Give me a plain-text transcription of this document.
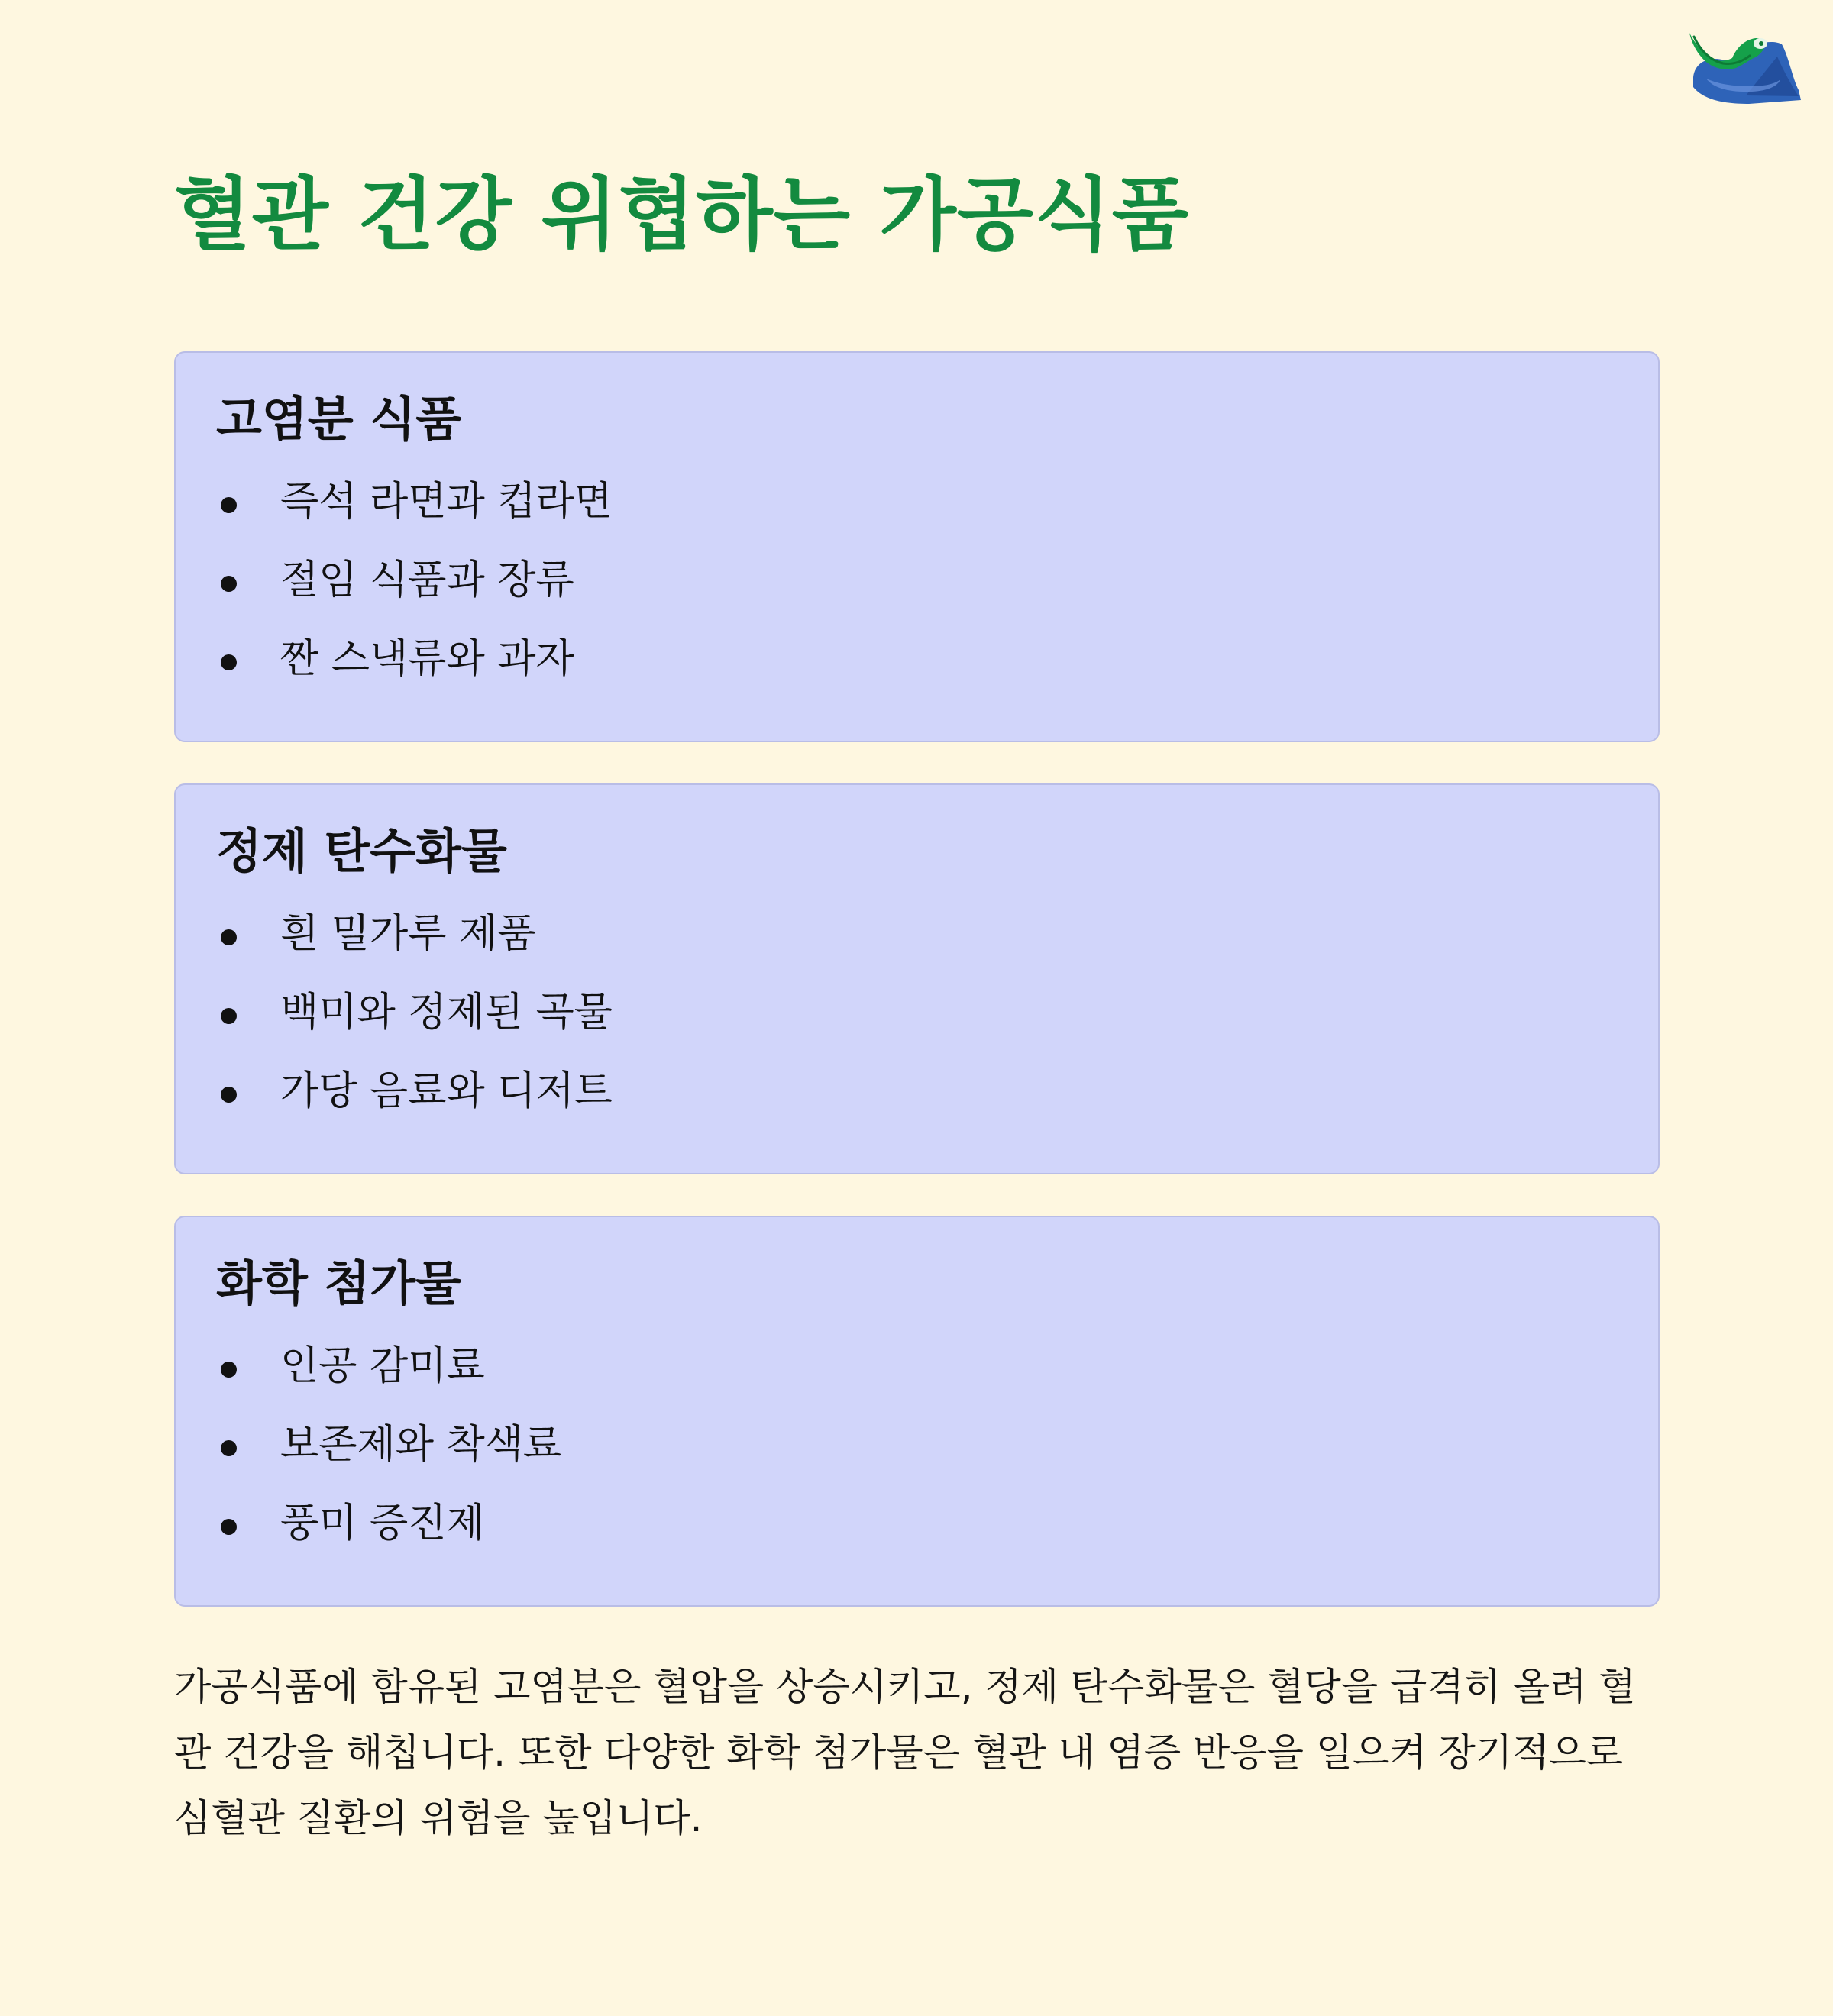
혈관 건강 위협하는 가공식품
고염분 식품
즉석 라면과 컵라면
절임 식품과 장류
짠 스낵류와 과자
정제 탄수화물
흰 밀가루 제품
백미와 정제된 곡물
가당 음료와 디저트
화학 첨가물
인공 감미료
보존제와 착색료
풍미 증진제

가공식품에 함유된 고염분은 혈압을 상승시키고, 정제 탄수화물은 혈당을 급격히 올려 혈관 건강을 해칩니다. 또한 다양한 화학 첨가물은 혈관 내 염증 반응을 일으켜 장기적으로 심혈관 질환의 위험을 높입니다.
